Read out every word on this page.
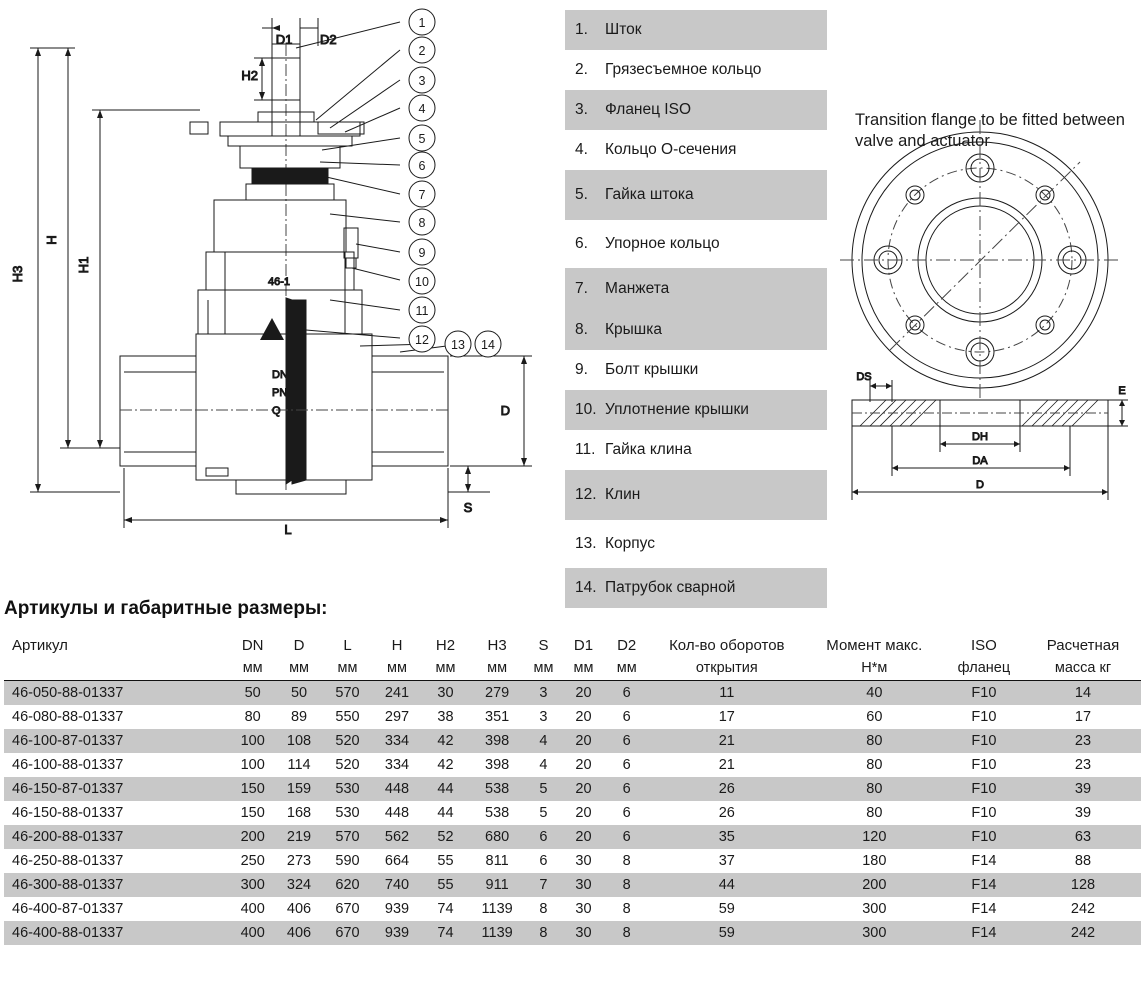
H3
H
H1
H2
D1 D2
46-1
DN
PN
Q	D
S
L
1
2
3
4
5
6
7
8
9
10
11
12 13 14
1.	Шток
2.	Грязесъемное кольцо
3.	Фланец ISO
4.	Кольцо О-сечения
5.	Гайка штока
6.	Упорное кольцо
7.	Манжета
8.	Крышка
9.	Болт крышки
10. Уплотнение крышки
11. Гайка клина
12. Клин
13. Корпус
14. Патрубок сварной
Transition flange to be fitted between valve and actuator
DS
E
DH
DA
D
Артикулы и габаритные размеры:
Артикул	DN	D	L	H	H2	H3	S	D1	D2	Кол-во оборотов	Момент макс.	ISO	Расчетная
	мм	мм	мм	мм	мм	мм	мм	мм	мм	открытия	H*м	фланец	масса кг
46-050-88-01337	50	50	570	241	30	279	3	20	6	11	40	F10	14
46-080-88-01337	80	89	550	297	38	351	3	20	6	17	60	F10	17
46-100-87-01337	100	108	520	334	42	398	4	20	6	21	80	F10	23
46-100-88-01337	100	114	520	334	42	398	4	20	6	21	80	F10	23
46-150-87-01337	150	159	530	448	44	538	5	20	6	26	80	F10	39
46-150-88-01337	150	168	530	448	44	538	5	20	6	26	80	F10	39
46-200-88-01337	200	219	570	562	52	680	6	20	6	35	120	F10	63
46-250-88-01337	250	273	590	664	55	811	6	30	8	37	180	F14	88
46-300-88-01337	300	324	620	740	55	911	7	30	8	44	200	F14	128
46-400-87-01337	400	406	670	939	74	1139	8	30	8	59	300	F14	242
46-400-88-01337	400	406	670	939	74	1139	8	30	8	59	300	F14	242
